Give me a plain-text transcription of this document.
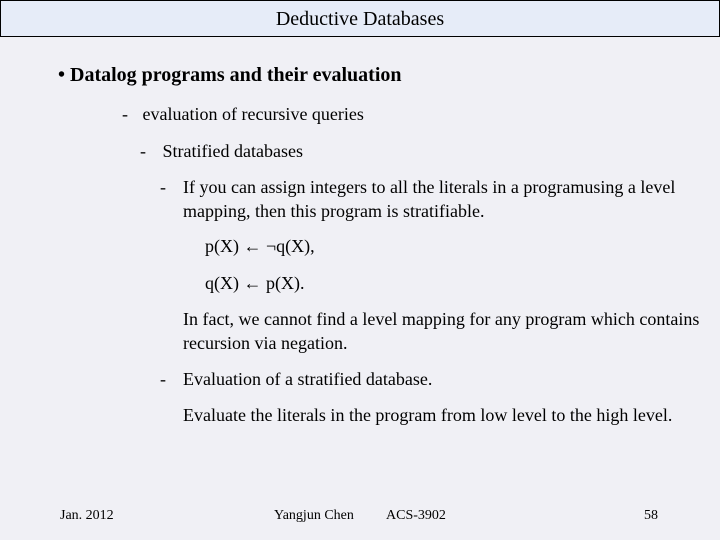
Deductive Databases
• Datalog programs and their evaluation
- evaluation of recursive queries
- Stratified databases
- If you can assign integers to all the literals in a programusing a level mapping, then this program is stratifiable.
p(X) ← ¬q(X),
q(X) ← p(X).
In fact, we cannot find a level mapping for any program which contains recursion via negation.
- Evaluation of a stratified database.
Evaluate the literals in the program from low level to the high level.
Jan. 2012	Yangjun Chen ACS-3902	58
